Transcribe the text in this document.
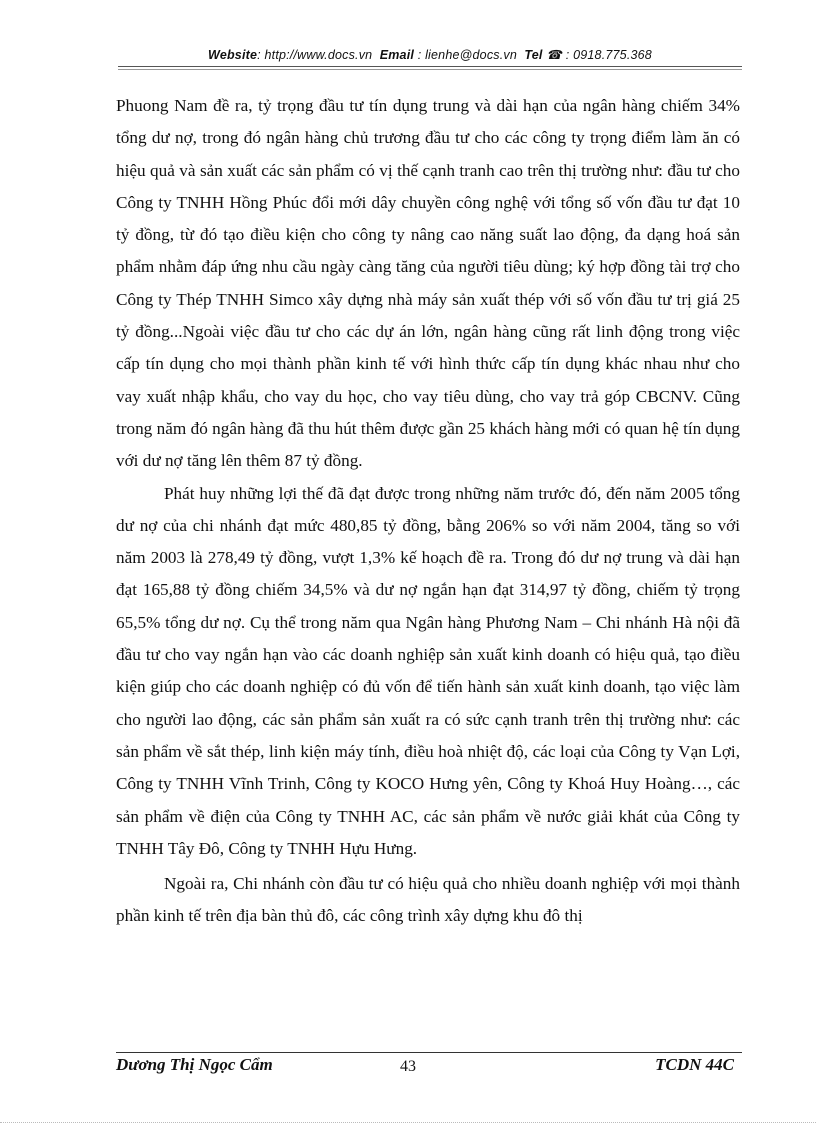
Website: http://www.docs.vn Email : lienhe@docs.vn Tel ☎ : 0918.775.368

Phuong Nam đề ra, tỷ trọng đầu tư tín dụng trung và dài hạn của ngân hàng chiếm 34% tổng dư nợ, trong đó ngân hàng chủ trương đầu tư cho các công ty trọng điểm làm ăn có hiệu quả và sản xuất các sản phẩm có vị thế cạnh tranh cao trên thị trường như: đầu tư cho Công ty TNHH Hồng Phúc đổi mới dây chuyền công nghệ với tổng số vốn đầu tư đạt 10 tỷ đồng, từ đó tạo điều kiện cho công ty nâng cao năng suất lao động, đa dạng hoá sản phẩm nhằm đáp ứng nhu cầu ngày càng tăng của người tiêu dùng; ký hợp đồng tài trợ cho Công ty Thép TNHH Simco xây dựng nhà máy sản xuất thép với số vốn đầu tư trị giá 25 tỷ đồng...Ngoài việc đầu tư cho các dự án lớn, ngân hàng cũng rất linh động trong việc cấp tín dụng cho mọi thành phần kinh tế với hình thức cấp tín dụng khác nhau như cho vay xuất nhập khẩu, cho vay du học, cho vay tiêu dùng, cho vay trả góp CBCNV. Cũng trong năm đó ngân hàng đã thu hút thêm được gần 25 khách hàng mới có quan hệ tín dụng với dư nợ tăng lên thêm 87 tỷ đồng.

Phát huy những lợi thế đã đạt được trong những năm trước đó, đến năm 2005 tổng dư nợ của chi nhánh đạt mức 480,85 tỷ đồng, bằng 206% so với năm 2004, tăng so với năm 2003 là 278,49 tỷ đồng, vượt 1,3% kế hoạch đề ra. Trong đó dư nợ trung và dài hạn đạt 165,88 tỷ đồng chiếm 34,5% và dư nợ ngắn hạn đạt 314,97 tỷ đồng, chiếm tỷ trọng 65,5% tổng dư nợ. Cụ thể trong năm qua Ngân hàng Phương Nam – Chi nhánh Hà nội đã đầu tư cho vay ngắn hạn vào các doanh nghiệp sản xuất kinh doanh có hiệu quả, tạo điều kiện giúp cho các doanh nghiệp có đủ vốn để tiến hành sản xuất kinh doanh, tạo việc làm cho người lao động, các sản phẩm sản xuất ra có sức cạnh tranh trên thị trường như: các sản phẩm về sắt thép, linh kiện máy tính, điều hoà nhiệt độ, các loại của Công ty Vạn Lợi, Công ty TNHH Vĩnh Trinh, Công ty KOCO Hưng yên, Công ty Khoá Huy Hoàng…, các sản phẩm về điện của Công ty TNHH AC, các sản phẩm về nước giải khát của Công ty TNHH Tây Đô, Công ty TNHH Hựu Hưng.

Ngoài ra, Chi nhánh còn đầu tư có hiệu quả cho nhiều doanh nghiệp với mọi thành phần kinh tế trên địa bàn thủ đô, các công trình xây dựng khu đô thị

Dương Thị Ngọc Cẩm	43	TCDN 44C
